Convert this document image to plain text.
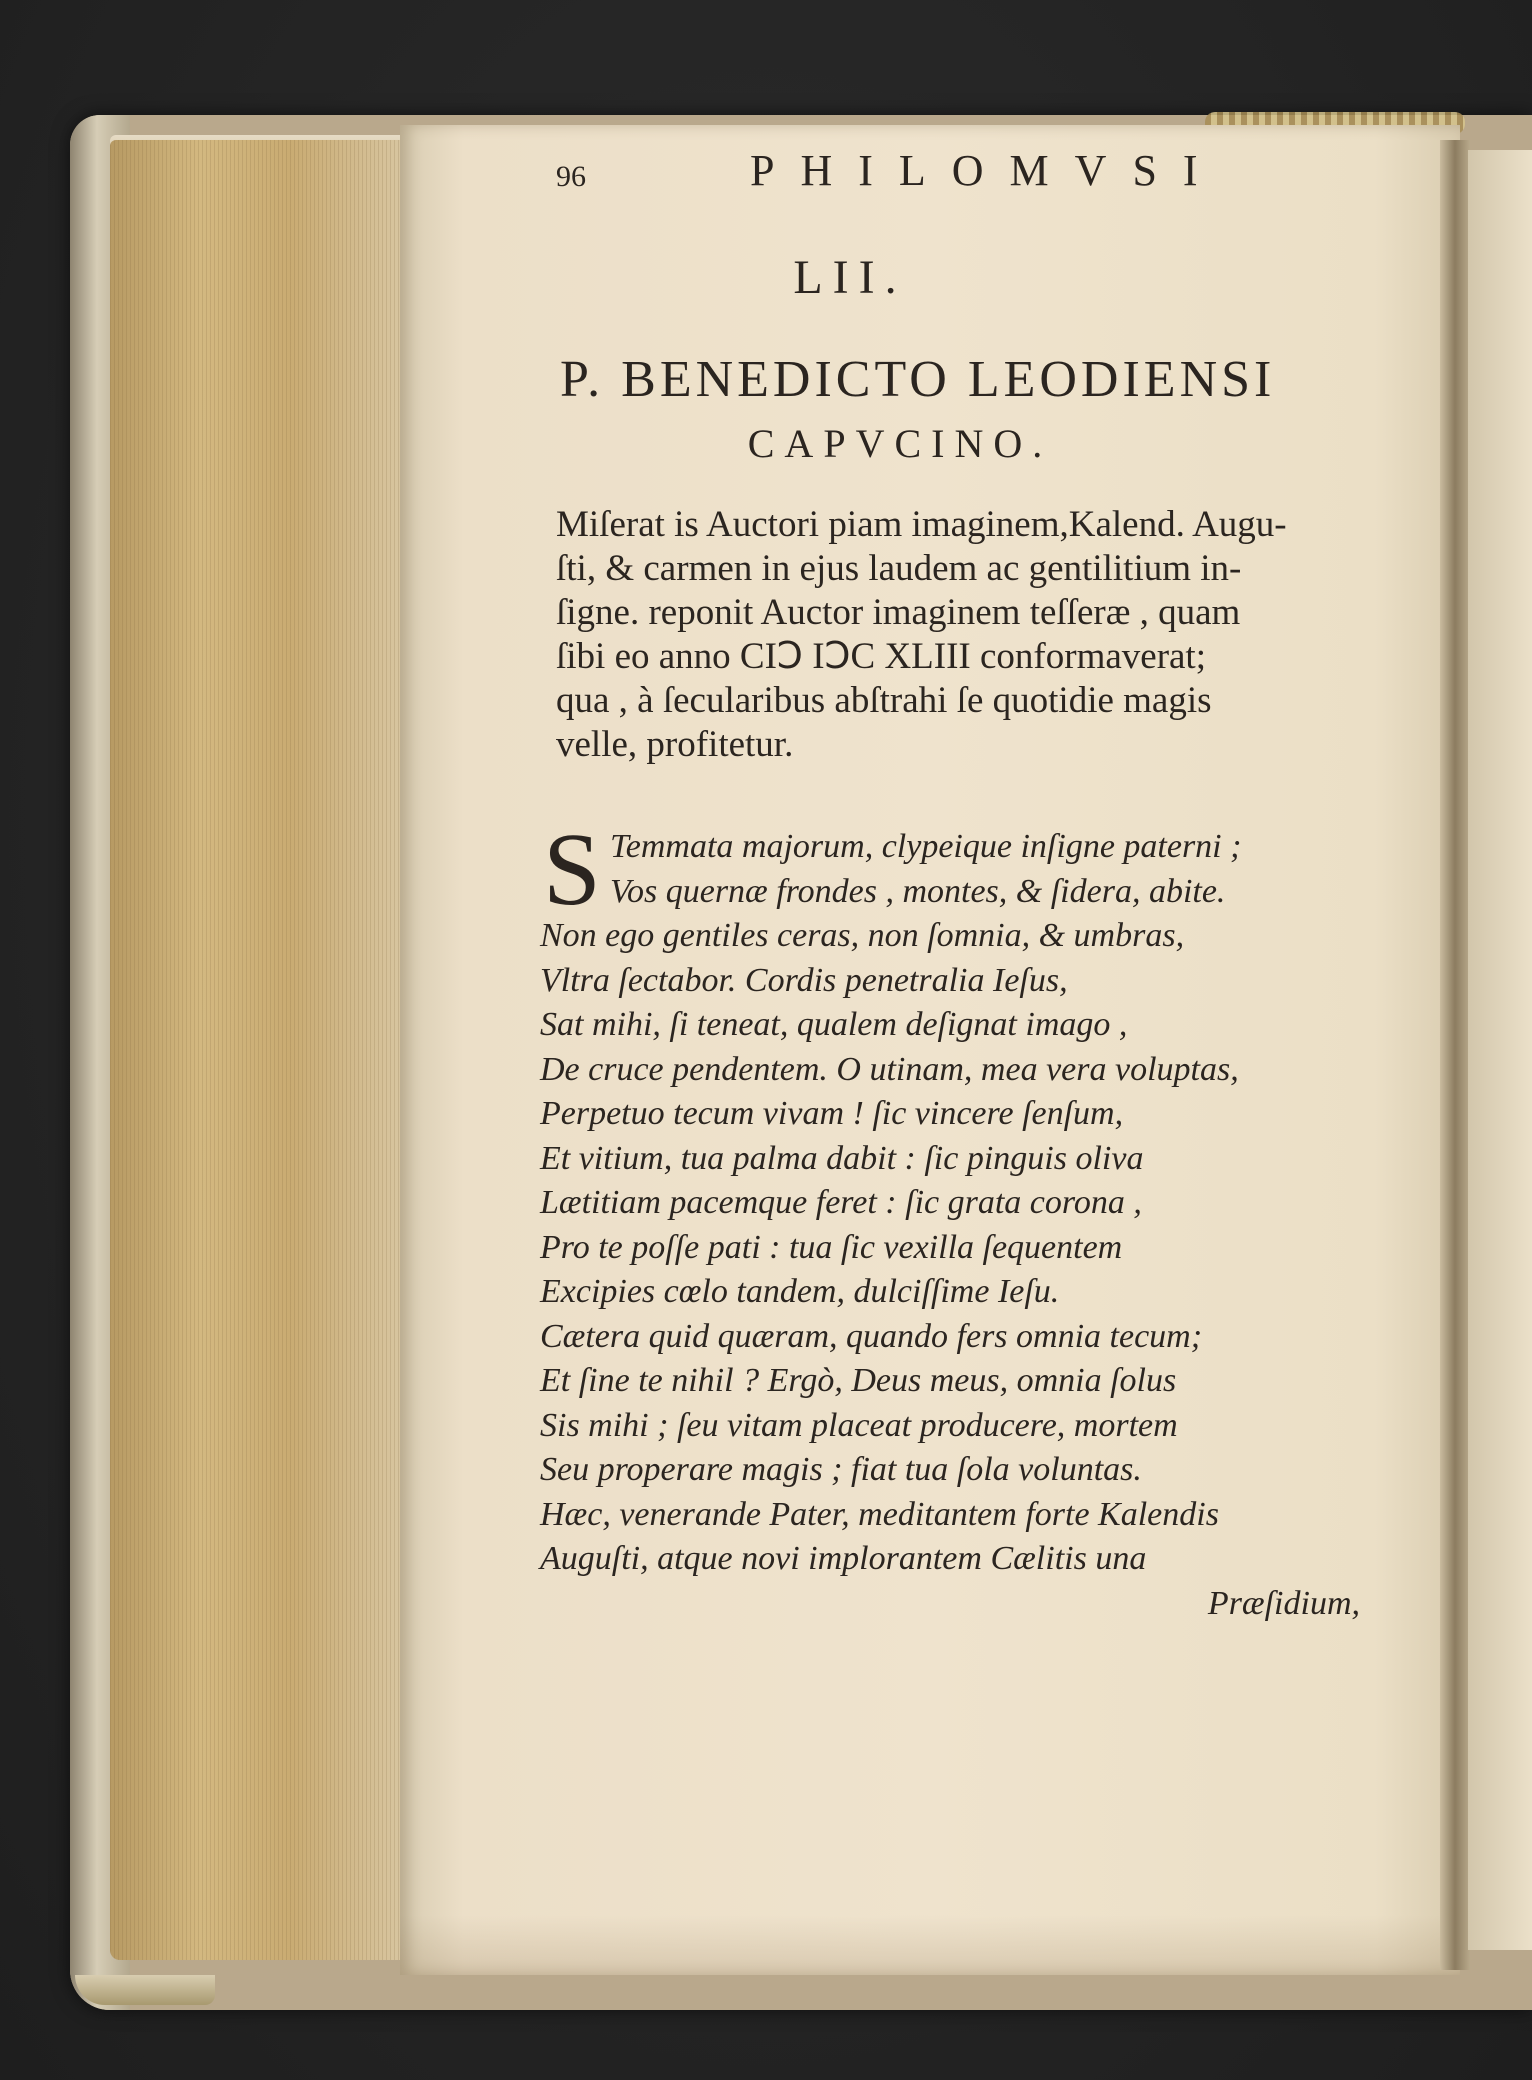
96	PHILOMVSI
LII.
P. BENEDICTO LEODIENSI
CAPVCINO.
Miſerat is Auctori piam imaginem,Kalend. Augu-
ſti, & carmen in ejus laudem ac gentilitium in-
ſigne. reponit Auctor imaginem teſſeræ , quam
ſibi eo anno CIↃ IↃC XLIII conformaverat;
qua , à ſecularibus abſtrahi ſe quotidie magis
velle, profitetur.
S Temmata majorum, clypeique inſigne paterni ;
Vos quernæ frondes , montes, & ſidera, abite.
Non ego gentiles ceras, non ſomnia, & umbras,
Vltra ſectabor. Cordis penetralia Ieſus,
Sat mihi, ſi teneat, qualem deſignat imago ,
De cruce pendentem. O utinam, mea vera voluptas,
Perpetuo tecum vivam ! ſic vincere ſenſum,
Et vitium, tua palma dabit : ſic pinguis oliva
Lætitiam pacemque feret : ſic grata corona ,
Pro te poſſe pati : tua ſic vexilla ſequentem
Excipies cœlo tandem, dulciſſime Ieſu.
Cætera quid quæram, quando fers omnia tecum;
Et ſine te nihil ? Ergò, Deus meus, omnia ſolus
Sis mihi ; ſeu vitam placeat producere, mortem
Seu properare magis ; fiat tua ſola voluntas.
Hæc, venerande Pater, meditantem forte Kalendis
Auguſti, atque novi implorantem Cælitis una
Præſidium,
